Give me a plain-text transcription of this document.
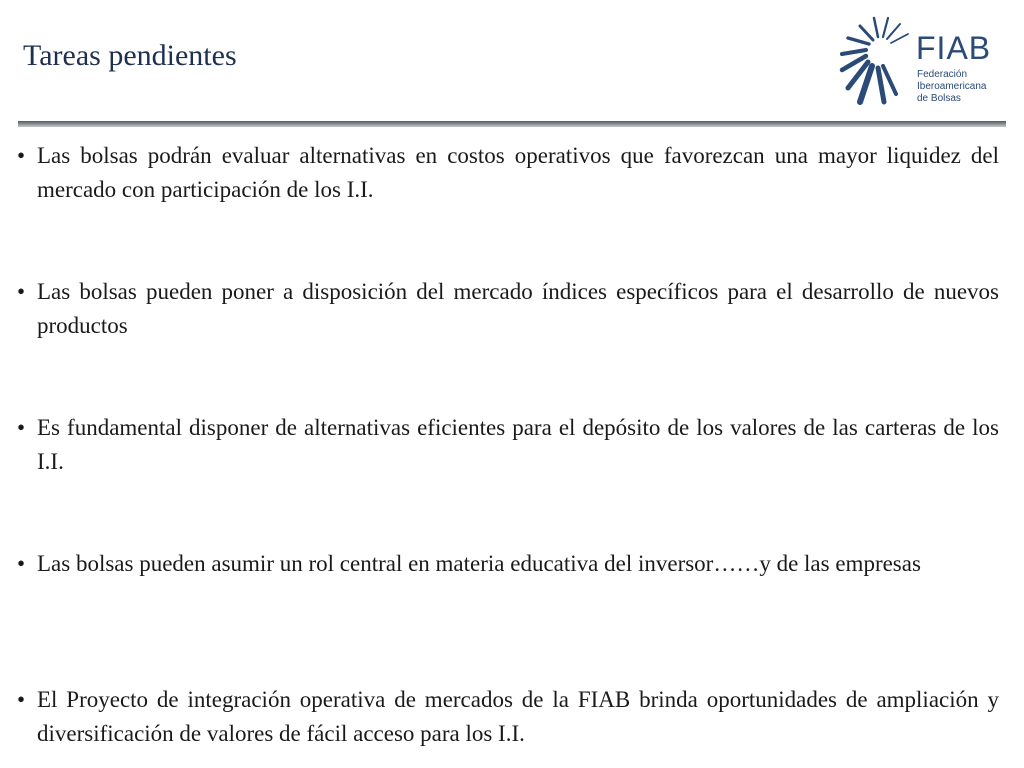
Tareas pendientes	FIAB
Federación
Iberoamericana
de Bolsas
• Las bolsas podrán evaluar alternativas en costos operativos que favorezcan una mayor liquidez del mercado con participación de los I.I.
• Las bolsas pueden poner a disposición del mercado índices específicos para el desarrollo de nuevos productos
• Es fundamental disponer de alternativas eficientes para el depósito de los valores de las carteras de los I.I.
• Las bolsas pueden asumir un rol central en materia educativa del inversor……y de las empresas
• El Proyecto de integración operativa de mercados de la FIAB brinda oportunidades de ampliación y diversificación de valores de fácil acceso para los I.I.
